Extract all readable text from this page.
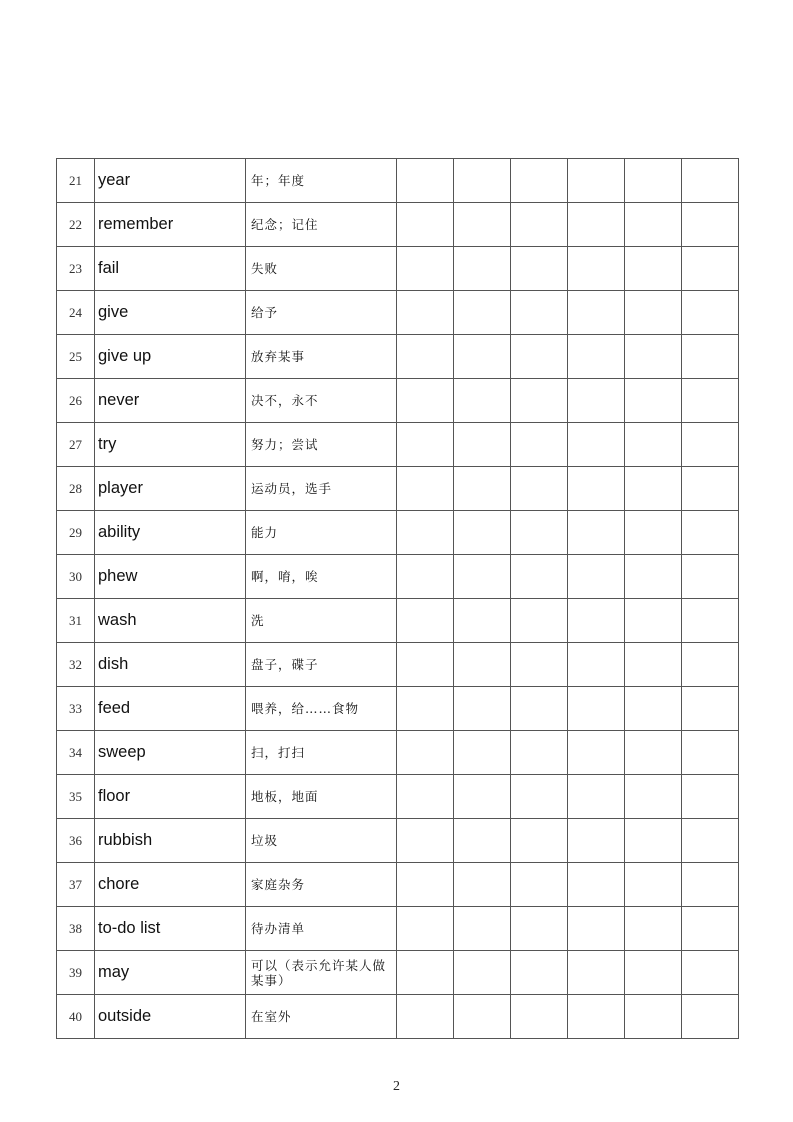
21	year	年；年度						
22	remember	纪念；记住						
23	fail	失败						
24	give	给予						
25	give up	放弃某事						
26	never	决不，永不						
27	try	努力；尝试						
28	player	运动员，选手						
29	ability	能力						
30	phew	啊，唷，唉						
31	wash	洗						
32	dish	盘子，碟子						
33	feed	喂养，给……食物						
34	sweep	扫，打扫						
35	floor	地板，地面						
36	rubbish	垃圾						
37	chore	家庭杂务						
38	to-do list	待办清单						
39	may	可以（表示允许某人做某事）						
40	outside	在室外						
2
